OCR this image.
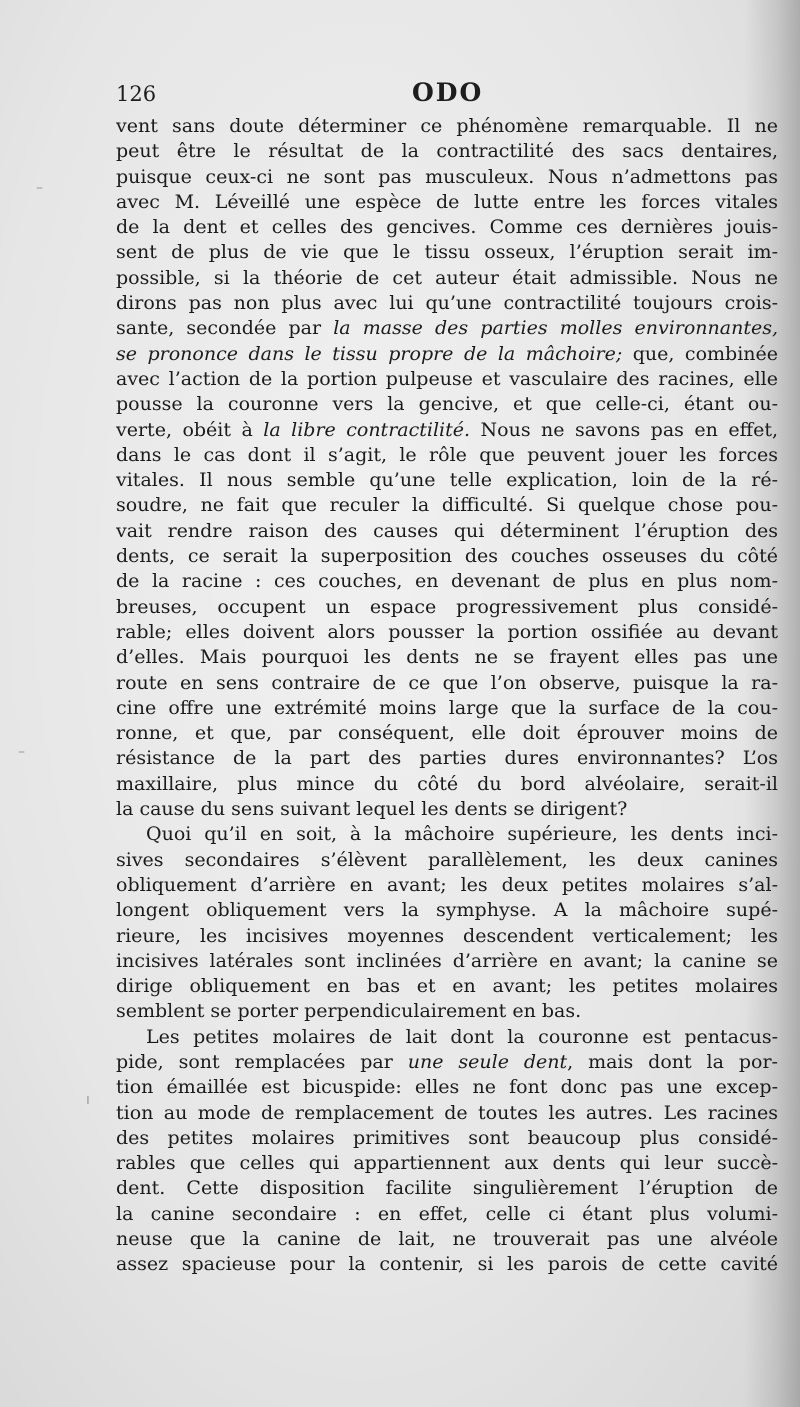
126	ODO
vent sans doute déterminer ce phénomène remarquable. Il ne
peut être le résultat de la contractilité des sacs dentaires,
puisque ceux-ci ne sont pas musculeux. Nous n’admettons pas
avec M. Léveillé une espèce de lutte entre les forces vitales
de la dent et celles des gencives. Comme ces dernières jouis-
sent de plus de vie que le tissu osseux, l’éruption serait im-
possible, si la théorie de cet auteur était admissible. Nous ne
dirons pas non plus avec lui qu’une contractilité toujours crois-
sante, secondée par la masse des parties molles environnantes,
se prononce dans le tissu propre de la mâchoire; que, combinée
avec l’action de la portion pulpeuse et vasculaire des racines, elle
pousse la couronne vers la gencive, et que celle-ci, étant ou-
verte, obéit à la libre contractilité. Nous ne savons pas en effet,
dans le cas dont il s’agit, le rôle que peuvent jouer les forces
vitales. Il nous semble qu’une telle explication, loin de la ré-
soudre, ne fait que reculer la difficulté. Si quelque chose pou-
vait rendre raison des causes qui déterminent l’éruption des
dents, ce serait la superposition des couches osseuses du côté
de la racine : ces couches, en devenant de plus en plus nom-
breuses, occupent un espace progressivement plus considé-
rable; elles doivent alors pousser la portion ossifiée au devant
d’elles. Mais pourquoi les dents ne se frayent elles pas une
route en sens contraire de ce que l’on observe, puisque la ra-
cine offre une extrémité moins large que la surface de la cou-
ronne, et que, par conséquent, elle doit éprouver moins de
résistance de la part des parties dures environnantes? L’os
maxillaire, plus mince du côté du bord alvéolaire, serait-il
la cause du sens suivant lequel les dents se dirigent?
Quoi qu’il en soit, à la mâchoire supérieure, les dents inci-
sives secondaires s’élèvent parallèlement, les deux canines
obliquement d’arrière en avant; les deux petites molaires s’al-
longent obliquement vers la symphyse. A la mâchoire supé-
rieure, les incisives moyennes descendent verticalement; les
incisives latérales sont inclinées d’arrière en avant; la canine se
dirige obliquement en bas et en avant; les petites molaires
semblent se porter perpendiculairement en bas.
Les petites molaires de lait dont la couronne est pentacus-
pide, sont remplacées par une seule dent, mais dont la por-
tion émaillée est bicuspide: elles ne font donc pas une excep-
tion au mode de remplacement de toutes les autres. Les racines
des petites molaires primitives sont beaucoup plus considé-
rables que celles qui appartiennent aux dents qui leur succè-
dent. Cette disposition facilite singulièrement l’éruption de
la canine secondaire : en effet, celle ci étant plus volumi-
neuse que la canine de lait, ne trouverait pas une alvéole
assez spacieuse pour la contenir, si les parois de cette cavité
–
–
ı
